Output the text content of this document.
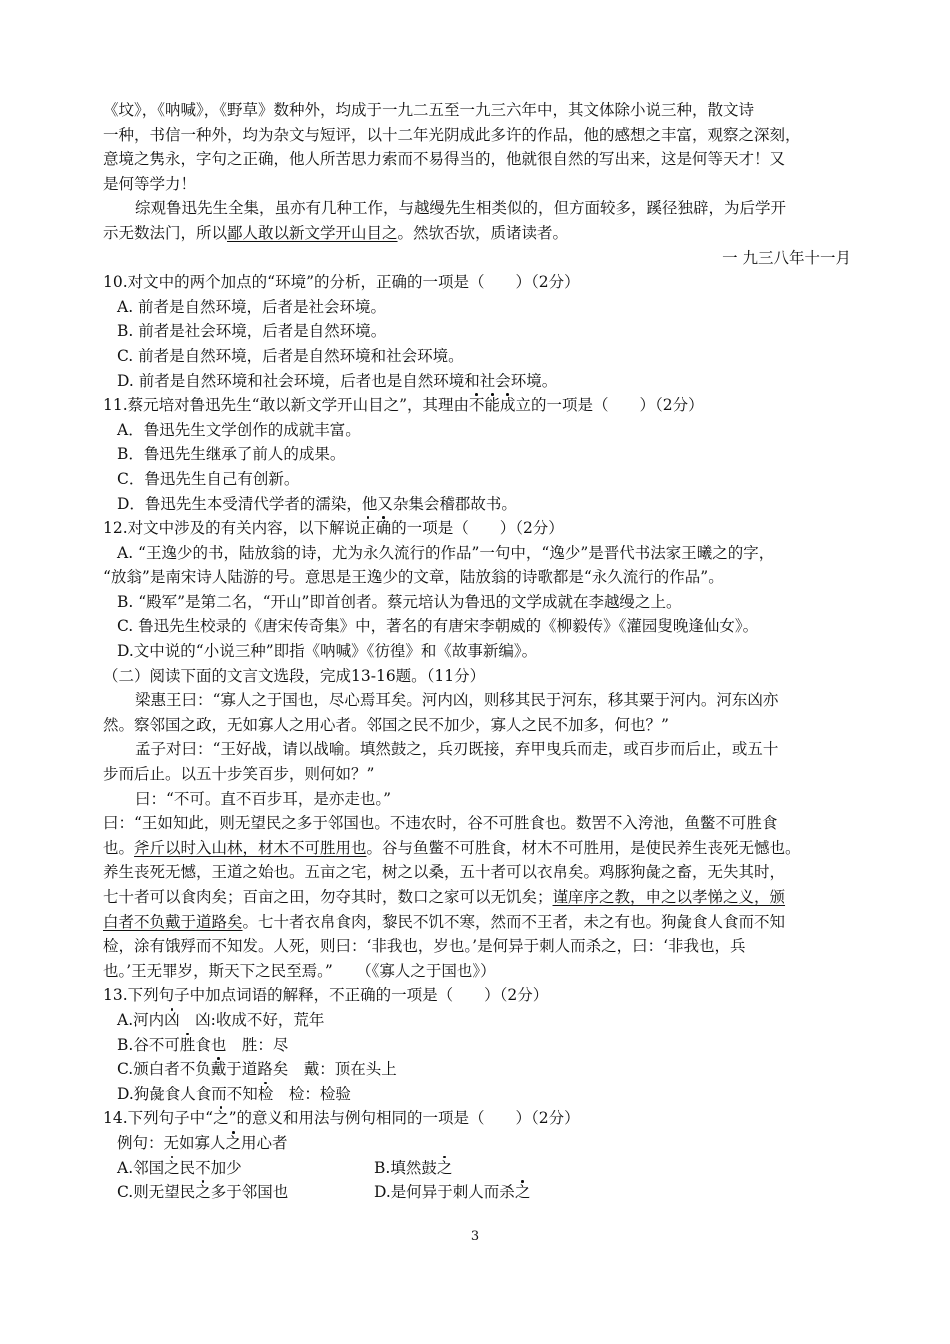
《坟》，《呐喊》，《野草》数种外，均成于一九二五至一九三六年中，其文体除小说三种，散文诗
一种，书信一种外，均为杂文与短评，以十二年光阴成此多许的作品，他的感想之丰富，观察之深刻，
意境之隽永，字句之正确，他人所苦思力索而不易得当的，他就很自然的写出来，这是何等天才！又
是何等学力！
综观鲁迅先生全集，虽亦有几种工作，与越缦先生相类似的，但方面较多，蹊径独辟，为后学开
示无数法门，所以鄙人敢以新文学开山目之。然欤否欤，质诸读者。
一 九三八年十一月
10.对文中的两个加点的“环境”的分析，正确的一项是（　　）（2分）
A. 前者是自然环境，后者是社会环境。
B. 前者是社会环境，后者是自然环境。
C. 前者是自然环境，后者是自然环境和社会环境。
D. 前者是自然环境和社会环境，后者也是自然环境和社会环境。
11.蔡元培对鲁迅先生“敢以新文学开山目之”，其理由不能成立的一项是（　　）（2分）
A．鲁迅先生文学创作的成就丰富。
B．鲁迅先生继承了前人的成果。
C．鲁迅先生自己有创新。
D．鲁迅先生本受清代学者的濡染，他又杂集会稽郡故书。
12.对文中涉及的有关内容，以下解说正确的一项是（　　）（2分）
A. “王逸少的书，陆放翁的诗，尤为永久流行的作品”一句中，“逸少”是晋代书法家王曦之的字，
“放翁”是南宋诗人陆游的号。意思是王逸少的文章，陆放翁的诗歌都是“永久流行的作品”。
B. “殿军”是第二名，“开山”即首创者。蔡元培认为鲁迅的文学成就在李越缦之上。
C. 鲁迅先生校录的《唐宋传奇集》中，著名的有唐宋李朝威的《柳毅传》《灌园叟晚逢仙女》。
D.文中说的“小说三种”即指《呐喊》《彷徨》和《故事新编》。
（二）阅读下面的文言文选段，完成13-16题。（11分）
梁惠王曰：“寡人之于国也，尽心焉耳矣。河内凶，则移其民于河东，移其粟于河内。河东凶亦
然。察邻国之政，无如寡人之用心者。邻国之民不加少，寡人之民不加多，何也？”
孟子对曰：“王好战，请以战喻。填然鼓之，兵刃既接，弃甲曳兵而走，或百步而后止，或五十
步而后止。以五十步笑百步，则何如？”
曰：“不可。直不百步耳，是亦走也。”
曰：“王如知此，则无望民之多于邻国也。不违农时，谷不可胜食也。数罟不入洿池，鱼鳖不可胜食
也。斧斤以时入山林，材木不可胜用也。谷与鱼鳖不可胜食，材木不可胜用，是使民养生丧死无憾也。
养生丧死无憾，王道之始也。五亩之宅，树之以桑，五十者可以衣帛矣。鸡豚狗彘之畜，无失其时，
七十者可以食肉矣；百亩之田，勿夺其时，数口之家可以无饥矣；谨庠序之教，申之以孝悌之义，颁
白者不负戴于道路矣。七十者衣帛食肉，黎民不饥不寒，然而不王者，未之有也。狗彘食人食而不知
检，涂有饿殍而不知发。人死，则曰：‘非我也，岁也。’是何异于刺人而杀之，曰：‘非我也，兵
也。’王无罪岁，斯天下之民至焉。”　　（《寡人之于国也》）
13.下列句子中加点词语的解释，不正确的一项是（　　）（2分）
A.河内凶　凶:收成不好，荒年
B.谷不可胜食也　胜：尽
C.颁白者不负戴于道路矣　戴：顶在头上
D.狗彘食人食而不知检　检：检验
14.下列句子中“之”的意义和用法与例句相同的一项是（　　）（2分）
例句：无如寡人之用心者
A.邻国之民不加少	B.填然鼓之
C.则无望民之多于邻国也	D.是何异于刺人而杀之
3
